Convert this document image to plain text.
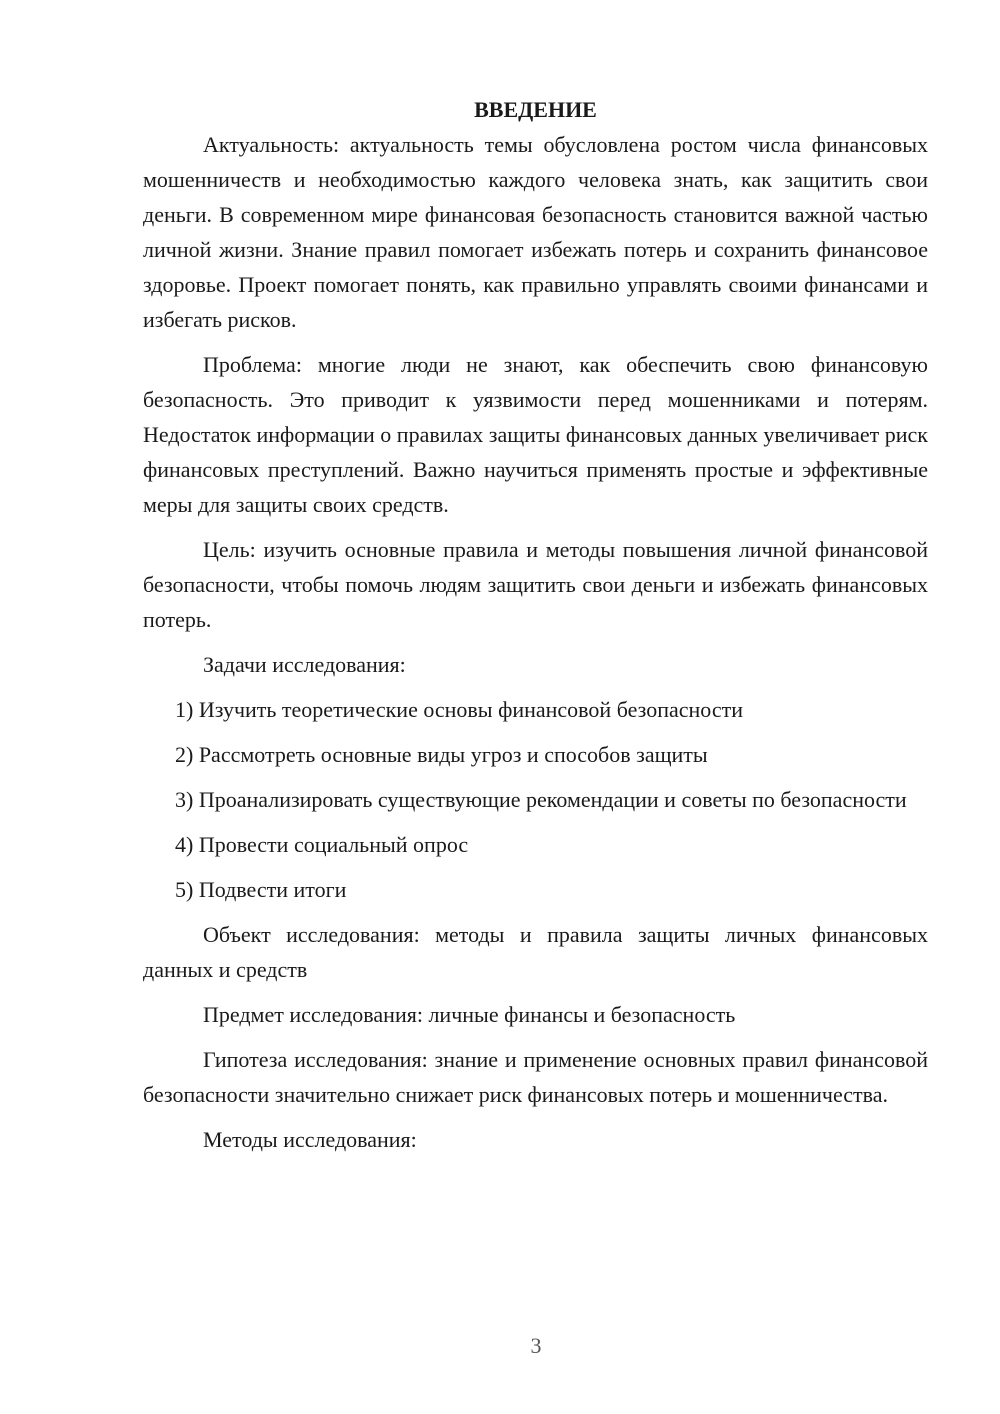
ВВЕДЕНИЕ

Актуальность: актуальность темы обусловлена ростом числа финансовых мошенничеств и необходимостью каждого человека знать, как защитить свои деньги. В современном мире финансовая безопасность становится важной частью личной жизни. Знание правил помогает избежать потерь и сохранить финансовое здоровье. Проект помогает понять, как правильно управлять своими финансами и избегать рисков.

Проблема: многие люди не знают, как обеспечить свою финансовую безопасность. Это приводит к уязвимости перед мошенниками и потерям. Недостаток информации о правилах защиты финансовых данных увеличивает риск финансовых преступлений. Важно научиться применять простые и эффективные меры для защиты своих средств.

Цель: изучить основные правила и методы повышения личной финансовой безопасности, чтобы помочь людям защитить свои деньги и избежать финансовых потерь.

Задачи исследования:

1) Изучить теоретические основы финансовой безопасности

2) Рассмотреть основные виды угроз и способов защиты

3) Проанализировать существующие рекомендации и советы по безопасности

4) Провести социальный опрос

5) Подвести итоги

Объект исследования: методы и правила защиты личных финансовых данных и средств

Предмет исследования: личные финансы и безопасность

Гипотеза исследования: знание и применение основных правил финансовой безопасности значительно снижает риск финансовых потерь и мошенничества.

Методы исследования:

3
